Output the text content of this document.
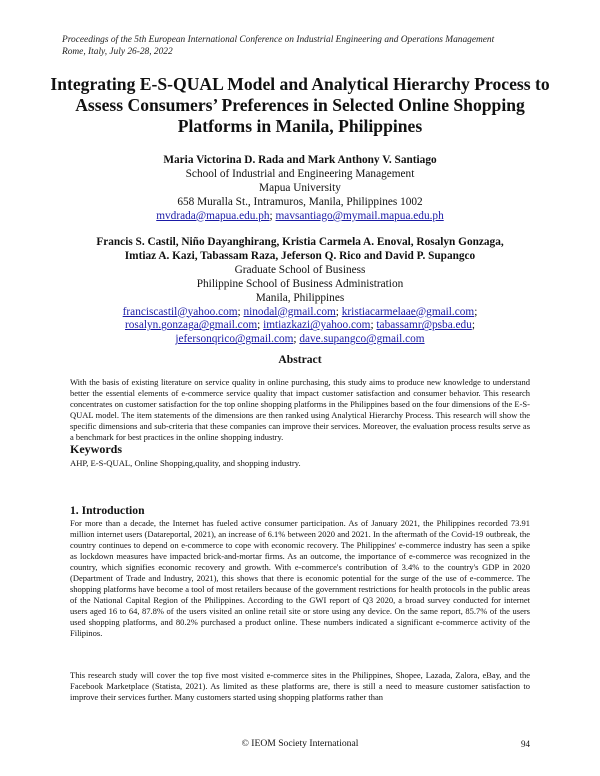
Proceedings of the 5th European International Conference on Industrial Engineering and Operations Management
Rome, Italy, July 26-28, 2022
Integrating E-S-QUAL Model and Analytical Hierarchy Process to Assess Consumers’ Preferences in Selected Online Shopping Platforms in Manila, Philippines
Maria Victorina D. Rada and Mark Anthony V. Santiago
School of Industrial and Engineering Management
Mapua University
658 Muralla St., Intramuros, Manila, Philippines 1002
mvdrada@mapua.edu.ph; mavsantiago@mymail.mapua.edu.ph
Francis S. Castil, Niño Dayanghirang, Kristia Carmela A. Enoval, Rosalyn Gonzaga,
Imtiaz A. Kazi, Tabassam Raza, Jeferson Q. Rico and David P. Supangco
Graduate School of Business
Philippine School of Business Administration
Manila, Philippines
franciscastil@yahoo.com; ninodal@gmail.com; kristiacarmelaae@gmail.com;
rosalyn.gonzaga@gmail.com; imtiazkazi@yahoo.com; tabassamr@psba.edu;
jefersonqrico@gmail.com; dave.supangco@gmail.com
Abstract
With the basis of existing literature on service quality in online purchasing, this study aims to produce new knowledge to understand better the essential elements of e-commerce service quality that impact customer satisfaction and consumer behavior. This research concentrates on customer satisfaction for the top online shopping platforms in the Philippines based on the four dimensions of the E-S-QUAL model. The item statements of the dimensions are then ranked using Analytical Hierarchy Process. This research will show the specific dimensions and sub-criteria that these companies can improve their services. Moreover, the evaluation process results serve as a benchmark for best practices in the online shopping industry.
Keywords
AHP, E-S-QUAL, Online Shopping,quality, and shopping industry.
1. Introduction
For more than a decade, the Internet has fueled active consumer participation. As of January 2021, the Philippines recorded 73.91 million internet users (Datareportal, 2021), an increase of 6.1% between 2020 and 2021. In the aftermath of the Covid-19 outbreak, the country continues to depend on e-commerce to cope with economic recovery. The Philippines' e-commerce industry has seen a spike as lockdown measures have impacted brick-and-mortar firms. As an outcome, the importance of e-commerce was recognized in the country, which signifies economic recovery and growth. With e-commerce's contribution of 3.4% to the country's GDP in 2020 (Department of Trade and Industry, 2021), this shows that there is economic potential for the surge of the use of e-commerce. The shopping platforms have become a tool of most retailers because of the government restrictions for health protocols in the public areas of the National Capital Region of the Philippines. According to the GWI report of Q3 2020, a broad survey conducted for internet users aged 16 to 64, 87.8% of the users visited an online retail site or store using any device. On the same report, 85.7% of the users used shopping platforms, and 80.2% purchased a product online. These numbers indicated a significant e-commerce activity of the Filipinos.
This research study will cover the top five most visited e-commerce sites in the Philippines, Shopee, Lazada, Zalora, eBay, and the Facebook Marketplace (Statista, 2021). As limited as these platforms are, there is still a need to measure customer satisfaction to improve their services further. Many customers started using shopping platforms rather than
© IEOM Society International	94
